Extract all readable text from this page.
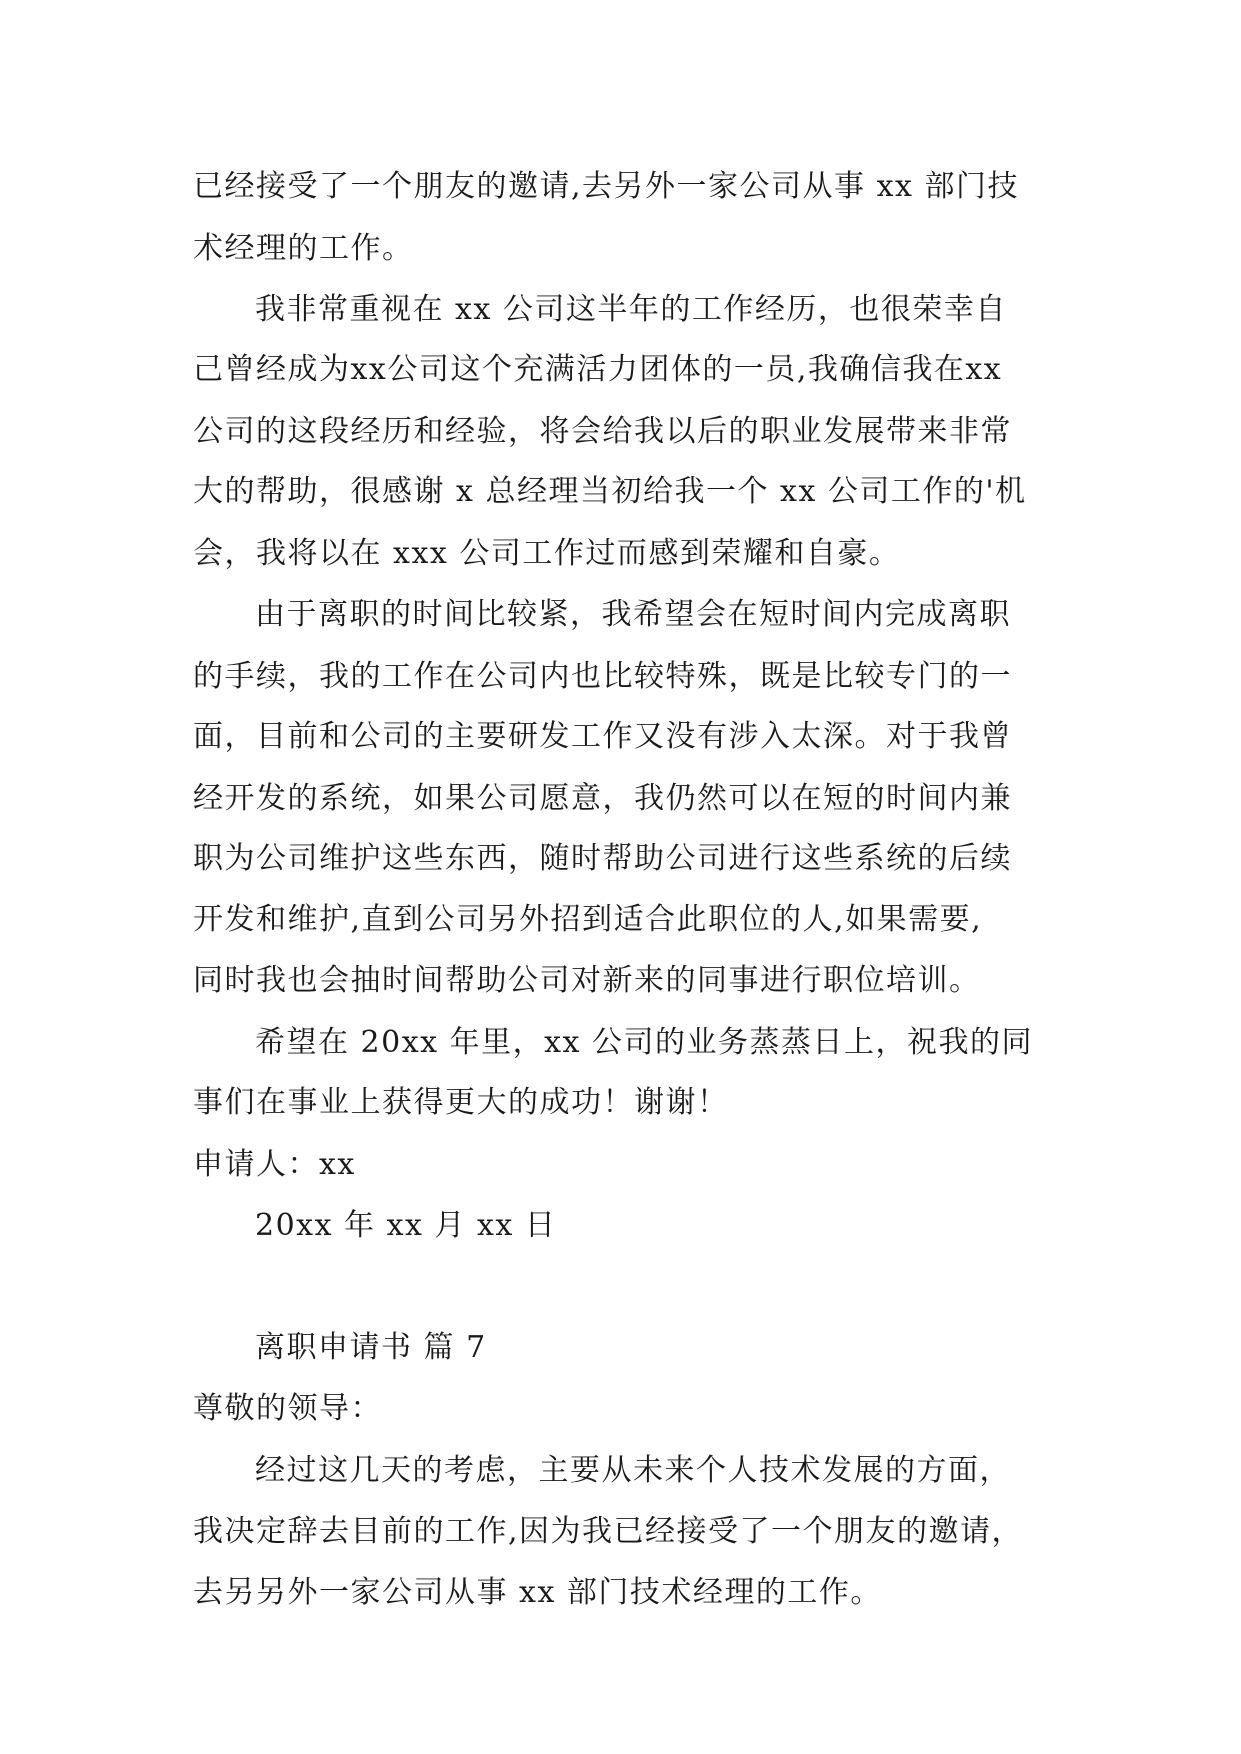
已经接受了一个朋友的邀请,去另外一家公司从事 xx 部门技
术经理的工作。
我非常重视在 xx 公司这半年的工作经历，也很荣幸自
己曾经成为xx公司这个充满活力团体的一员,我确信我在xx
公司的这段经历和经验，将会给我以后的职业发展带来非常
大的帮助，很感谢 x 总经理当初给我一个 xx 公司工作的'机
会，我将以在 xxx 公司工作过而感到荣耀和自豪。
由于离职的时间比较紧，我希望会在短时间内完成离职
的手续，我的工作在公司内也比较特殊，既是比较专门的一
面，目前和公司的主要研发工作又没有涉入太深。对于我曾
经开发的系统，如果公司愿意，我仍然可以在短的时间内兼
职为公司维护这些东西，随时帮助公司进行这些系统的后续
开发和维护,直到公司另外招到适合此职位的人,如果需要,
同时我也会抽时间帮助公司对新来的同事进行职位培训。
希望在 20xx 年里，xx 公司的业务蒸蒸日上，祝我的同
事们在事业上获得更大的成功！谢谢！
申请人：xx
20xx 年 xx 月 xx 日
离职申请书 篇 7
尊敬的领导：
经过这几天的考虑，主要从未来个人技术发展的方面，
我决定辞去目前的工作,因为我已经接受了一个朋友的邀请，
去另另外一家公司从事 xx 部门技术经理的工作。
